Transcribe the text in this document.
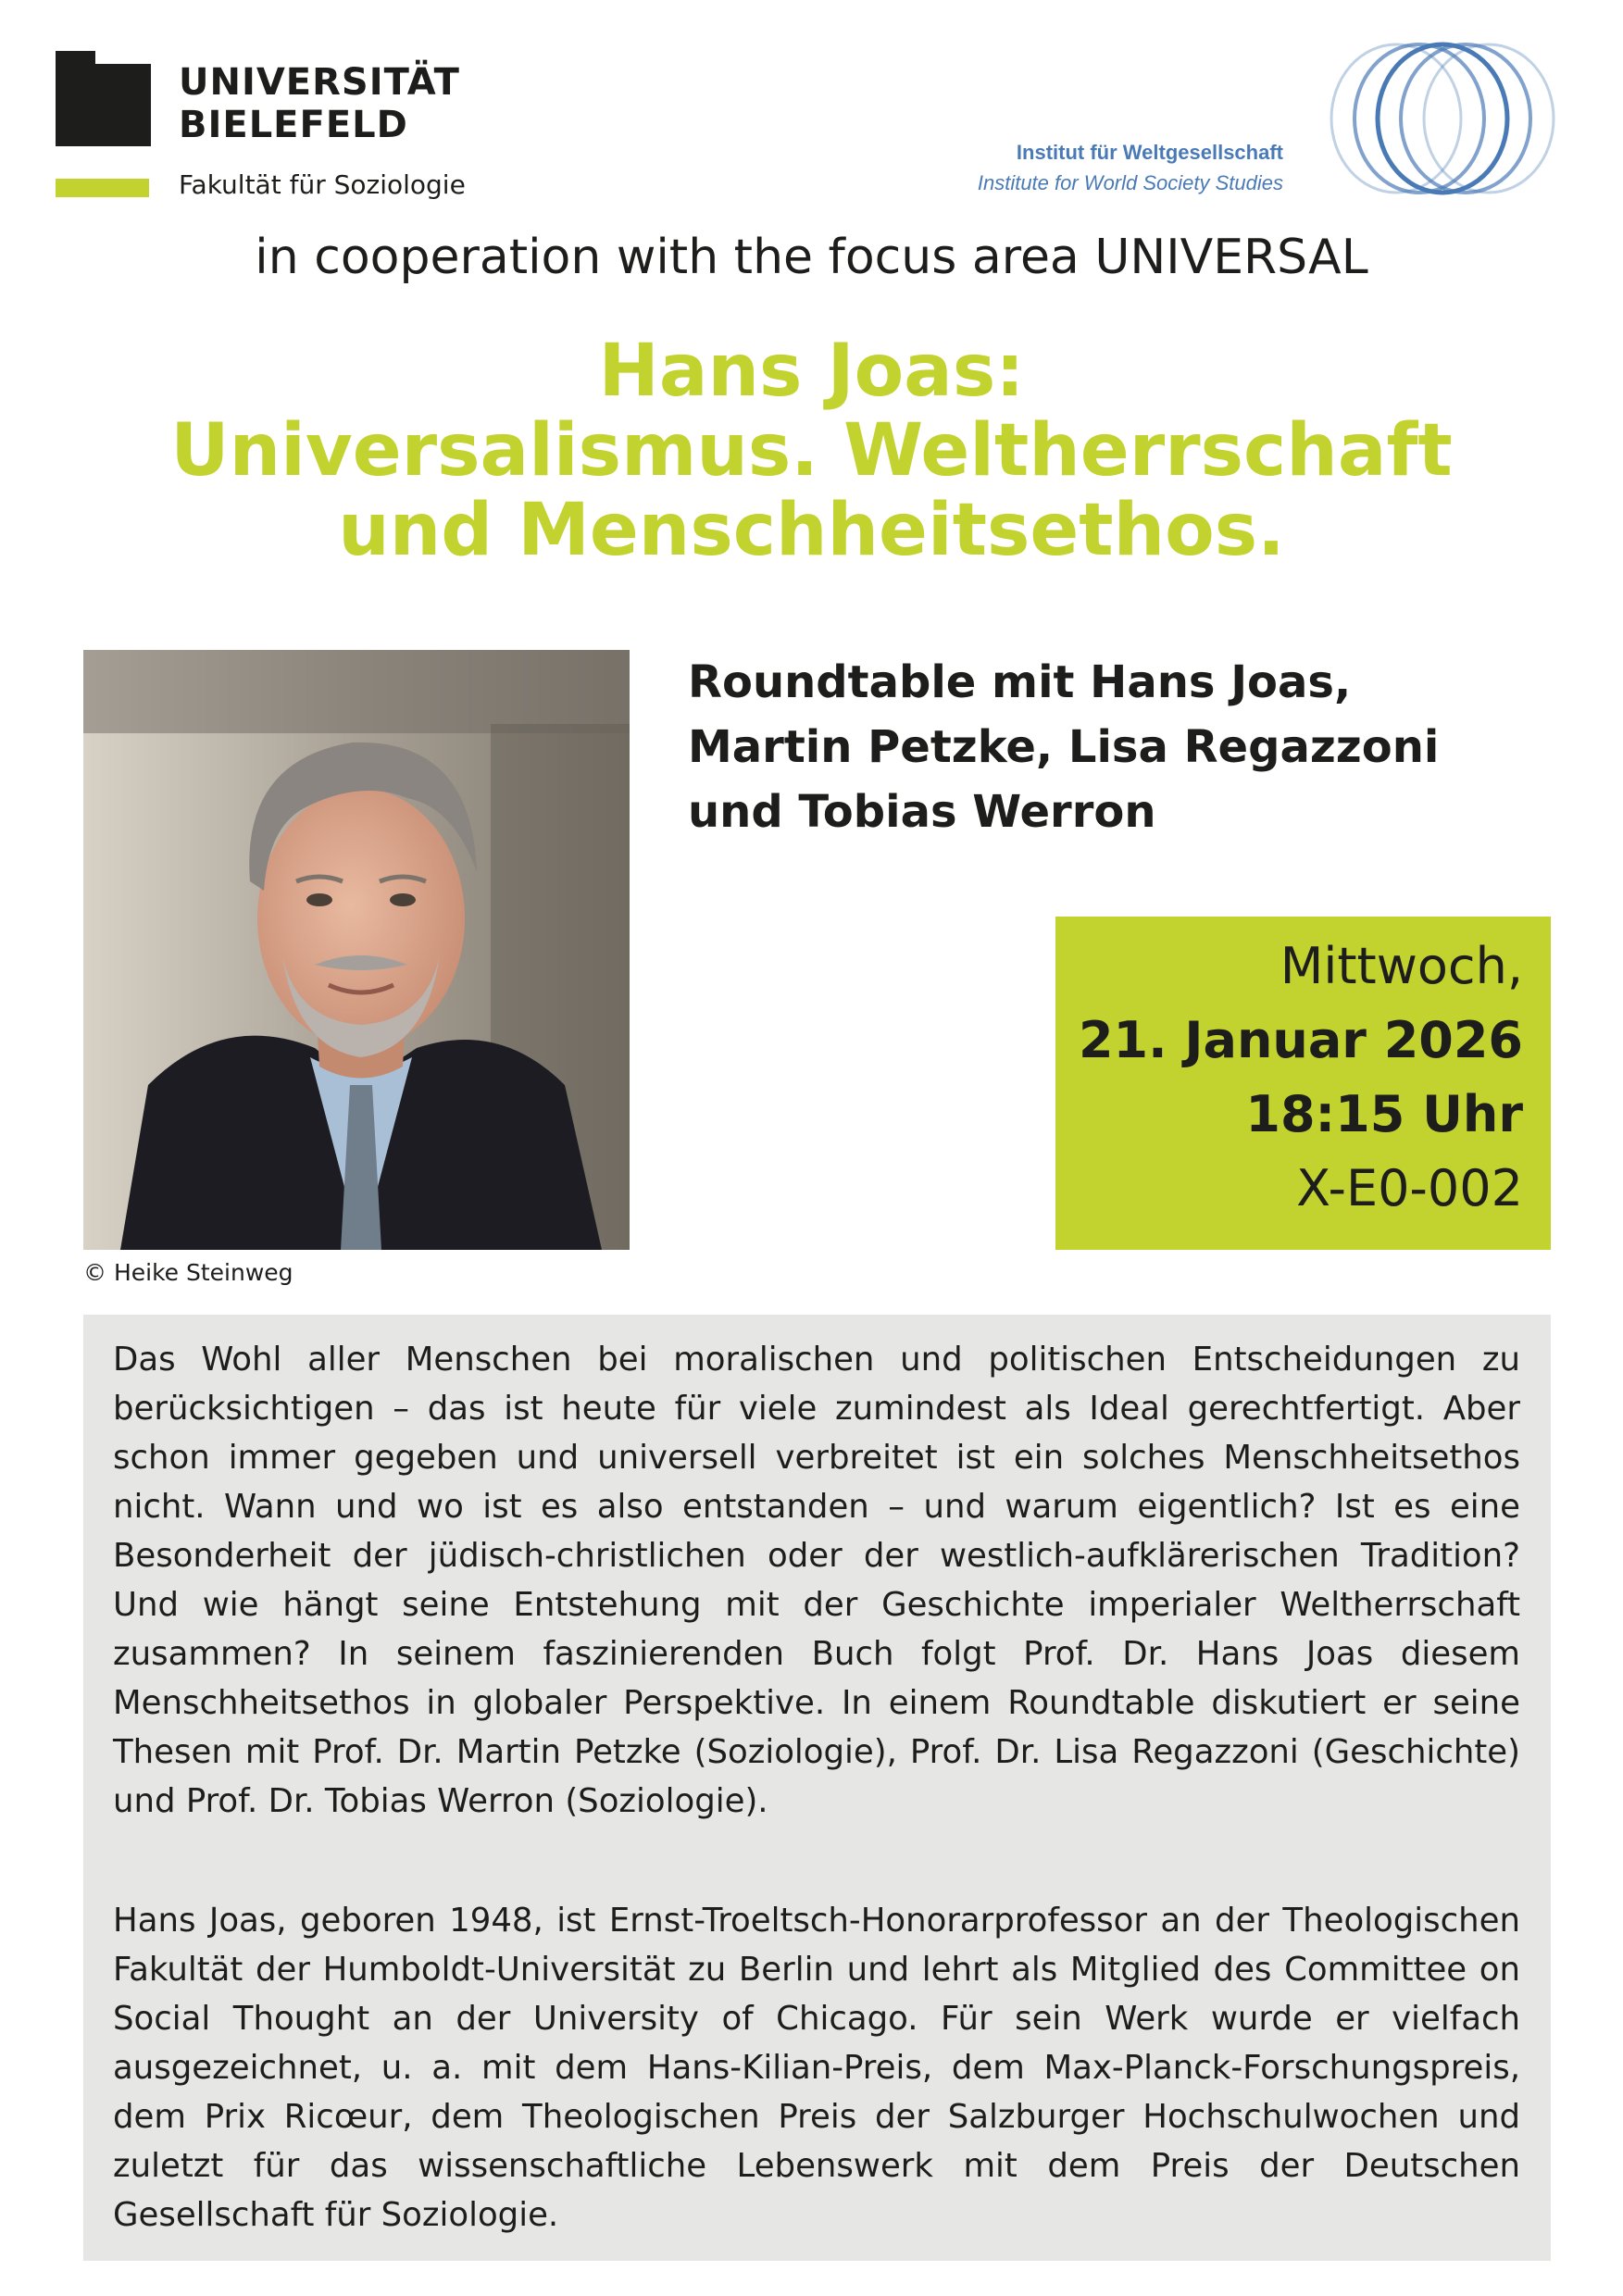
UNIVERSITÄT
BIELEFELD
Fakultät für Soziologie
Institut für Weltgesellschaft
Institute for World Society Studies
in cooperation with the focus area UNIVERSAL
Hans Joas:
Universalismus. Weltherrschaft
und Menschheitsethos.
© Heike Steinweg
Roundtable mit Hans Joas,
Martin Petzke, Lisa Regazzoni
und Tobias Werron
Mittwoch,
21. Januar 2026
18:15 Uhr
X-E0-002
Das Wohl aller Menschen bei moralischen und politischen Entscheidungen zu berücksichtigen – das ist heute für viele zumindest als Ideal gerechtfertigt. Aber schon immer gegeben und universell verbreitet ist ein solches Menschheitsethos nicht. Wann und wo ist es also entstanden – und warum eigentlich? Ist es eine Besonderheit der jüdisch-christlichen oder der westlich-aufklärerischen Tradition? Und wie hängt seine Entstehung mit der Geschichte imperialer Weltherrschaft zusammen? In seinem faszinierenden Buch folgt Prof. Dr. Hans Joas diesem Menschheitsethos in globaler Perspektive. In einem Roundtable diskutiert er seine Thesen mit Prof. Dr. Martin Petzke (Soziologie), Prof. Dr. Lisa Regazzoni (Geschichte) und Prof. Dr. Tobias Werron (Soziologie).
Hans Joas, geboren 1948, ist Ernst-Troeltsch-Honorarprofessor an der Theologischen Fakultät der Humboldt-Universität zu Berlin und lehrt als Mitglied des Committee on Social Thought an der University of Chicago. Für sein Werk wurde er vielfach ausgezeichnet, u. a. mit dem Hans-Kilian-Preis, dem Max-Planck-Forschungspreis, dem Prix Ricœur, dem Theologischen Preis der Salzburger Hochschulwochen und zuletzt für das wissenschaftliche Lebenswerk mit dem Preis der Deutschen Gesellschaft für Soziologie.
